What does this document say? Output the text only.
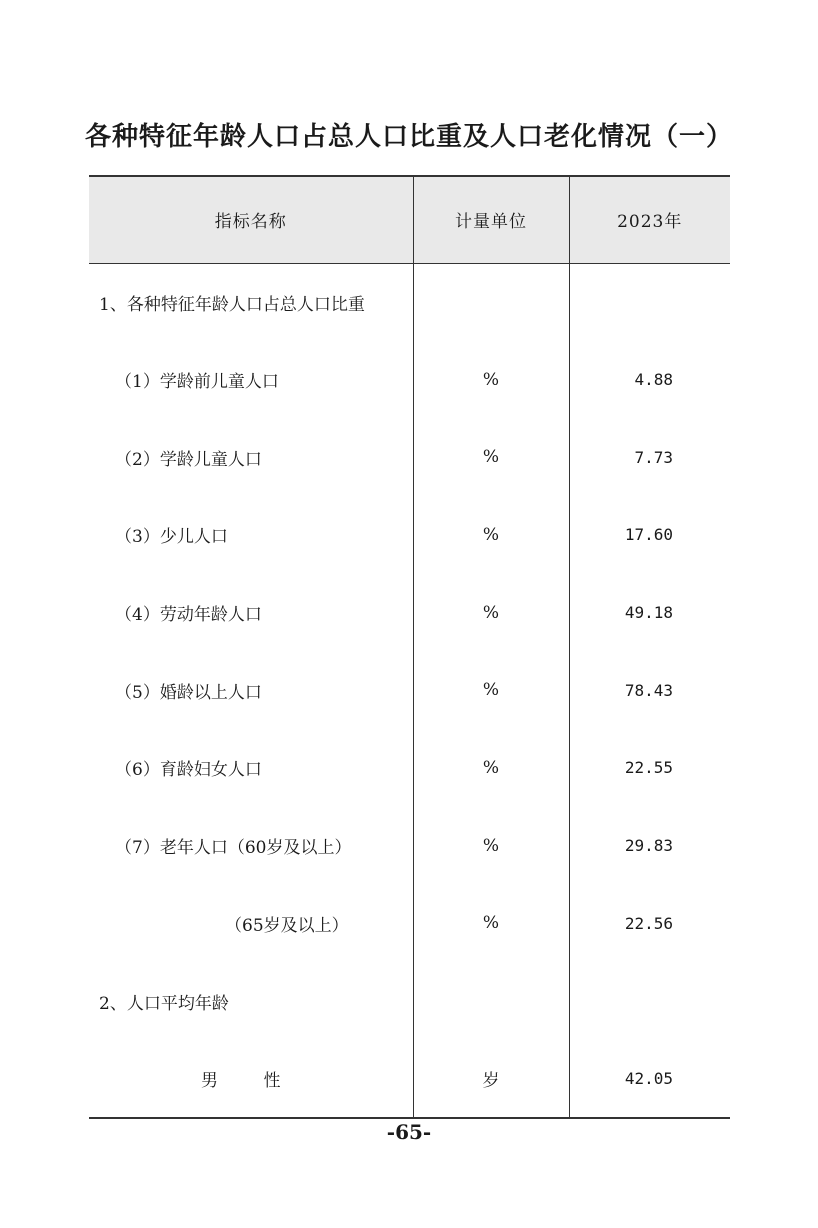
各种特征年龄人口占总人口比重及人口老化情况（一）
指标名称	计量单位	2023年
1、各种特征年龄人口占总人口比重		
（1）学龄前儿童人口	%	4.88
（2）学龄儿童人口	%	7.73
（3）少儿人口	%	17.60
（4）劳动年龄人口	%	49.18
（5）婚龄以上人口	%	78.43
（6）育龄妇女人口	%	22.55
（7）老年人口（60岁及以上）	%	29.83
（65岁及以上）	%	22.56
2、人口平均年龄		
男 性	岁	42.05
-65-
